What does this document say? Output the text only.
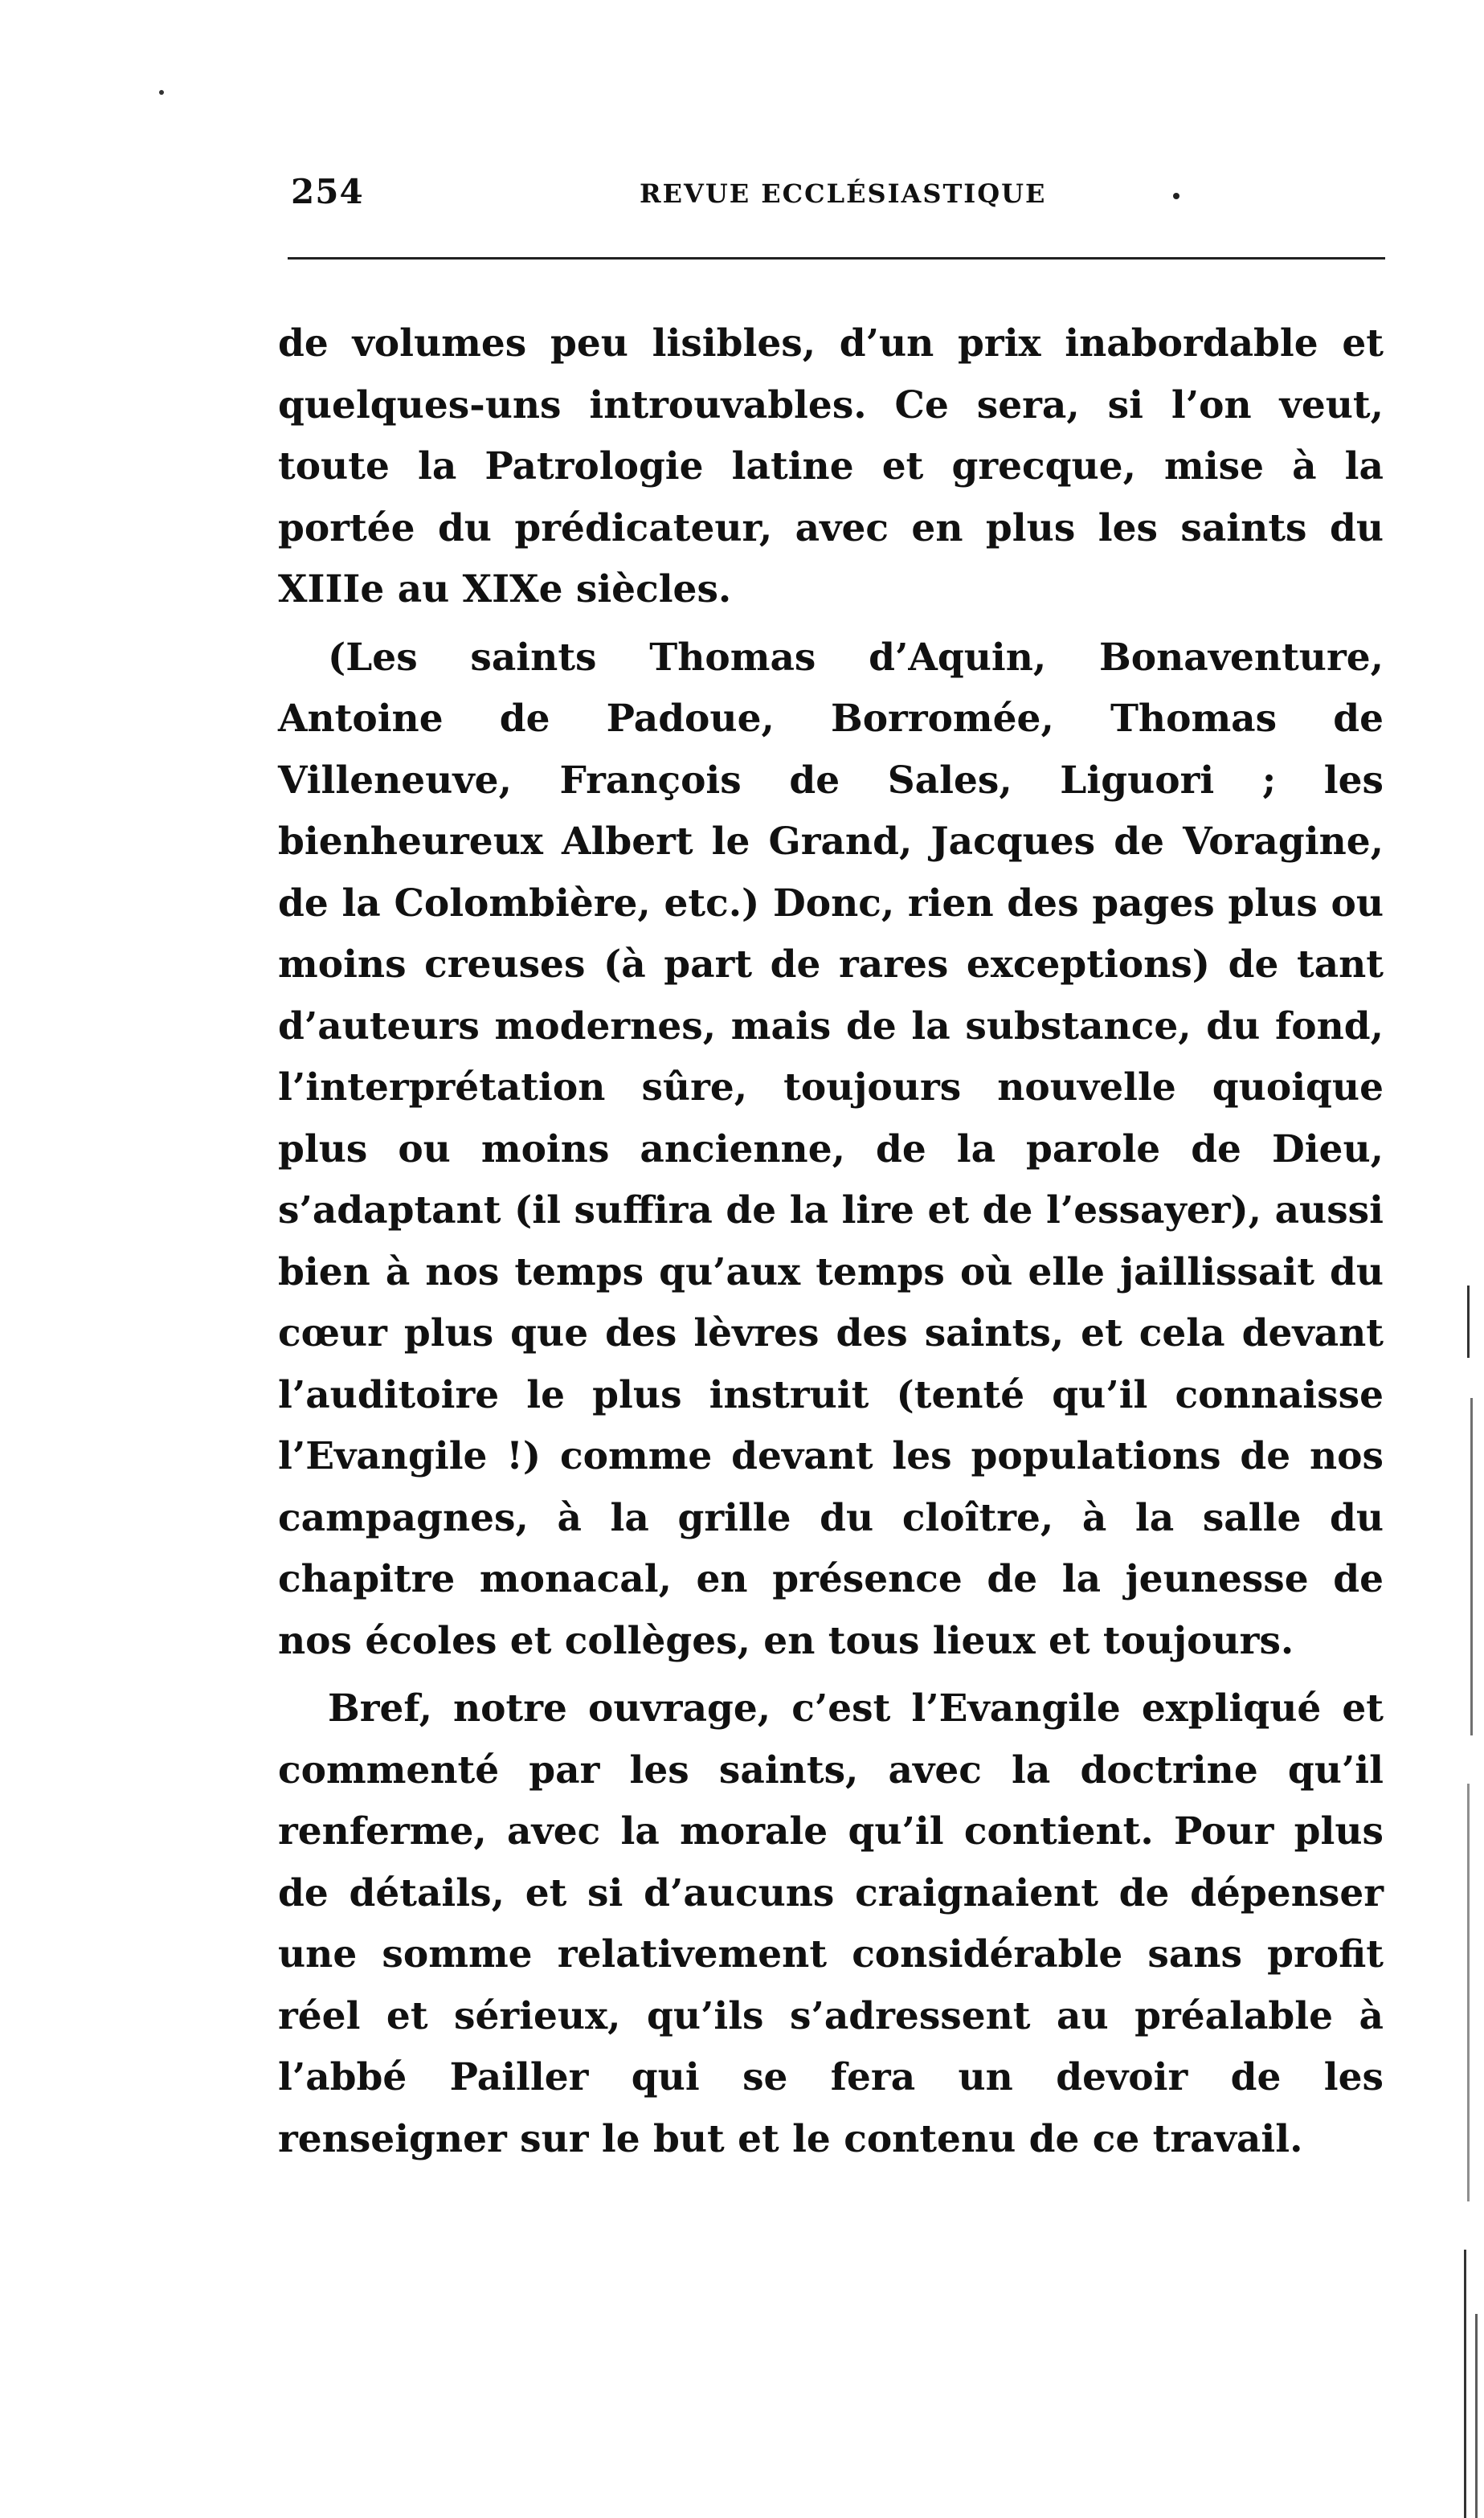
254	REVUE ECCLÉSIASTIQUE

de volumes peu lisibles, d’un prix inabordable et quelques-uns introuvables. Ce sera, si l’on veut, toute la Patrologie latine et grecque, mise à la portée du prédicateur, avec en plus les saints du XIIIe au XIXe siècles.

(Les saints Thomas d’Aquin, Bonaventure, Antoine de Padoue, Borromée, Thomas de Villeneuve, François de Sales, Liguori ; les bienheureux Albert le Grand, Jacques de Voragine, de la Colombière, etc.) Donc, rien des pages plus ou moins creuses (à part de rares exceptions) de tant d’auteurs modernes, mais de la substance, du fond, l’interprétation sûre, toujours nouvelle quoique plus ou moins ancienne, de la parole de Dieu, s’adaptant (il suffira de la lire et de l’essayer), aussi bien à nos temps qu’aux temps où elle jaillissait du cœur plus que des lèvres des saints, et cela devant l’auditoire le plus instruit (tenté qu’il connaisse l’Evangile !) comme devant les populations de nos campagnes, à la grille du cloître, à la salle du chapitre monacal, en présence de la jeunesse de nos écoles et collèges, en tous lieux et toujours.

Bref, notre ouvrage, c’est l’Evangile expliqué et commenté par les saints, avec la doctrine qu’il renferme, avec la morale qu’il contient. Pour plus de détails, et si d’aucuns craignaient de dépenser une somme relativement considérable sans profit réel et sérieux, qu’ils s’adressent au préalable à l’abbé Pailler qui se fera un devoir de les renseigner sur le but et le contenu de ce travail.
